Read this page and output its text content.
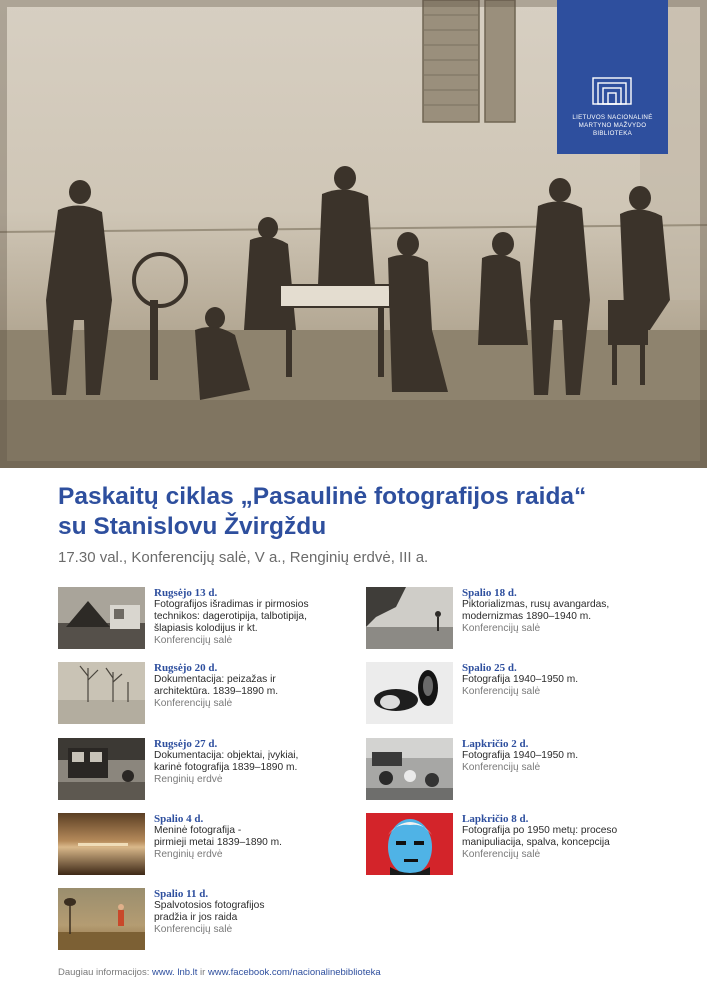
LIETUVOS NACIONALINĖ
MARTYNO MAŽVYDO
BIBLIOTEKA
Paskaitų ciklas „Pasaulinė fotografijos raida“
su Stanislovu Žvirgždu
17.30 val., Konferencijų salė, V a., Renginių erdvė, III a.
Rugsėjo 13 d.
Fotografijos išradimas ir pirmosios
technikos: dagerotipija, talbotipija,
šlapiasis kolodijus ir kt.
Konferencijų salė
Rugsėjo 20 d.
Dokumentacija: peizažas ir
architektūra. 1839–1890 m.
Konferencijų salė
Rugsėjo 27 d.
Dokumentacija: objektai, įvykiai,
karinė fotografija 1839–1890 m.
Renginių erdvė
Spalio 4 d.
Meninė fotografija -
pirmieji metai 1839–1890 m.
Renginių erdvė
Spalio 11 d.
Spalvotosios fotografijos
pradžia ir jos raida
Konferencijų salė
Spalio 18 d.
Piktorializmas, rusų avangardas,
modernizmas 1890–1940 m.
Konferencijų salė
Spalio 25 d.
Fotografija 1940–1950 m.
Konferencijų salė
Lapkričio 2 d.
Fotografija 1940–1950 m.
Konferencijų salė
Lapkričio 8 d.
Fotografija po 1950 metų: proceso
manipuliacija, spalva, koncepcija
Konferencijų salė
Daugiau informacijos: www. lnb.lt ir www.facebook.com/nacionalinebiblioteka
